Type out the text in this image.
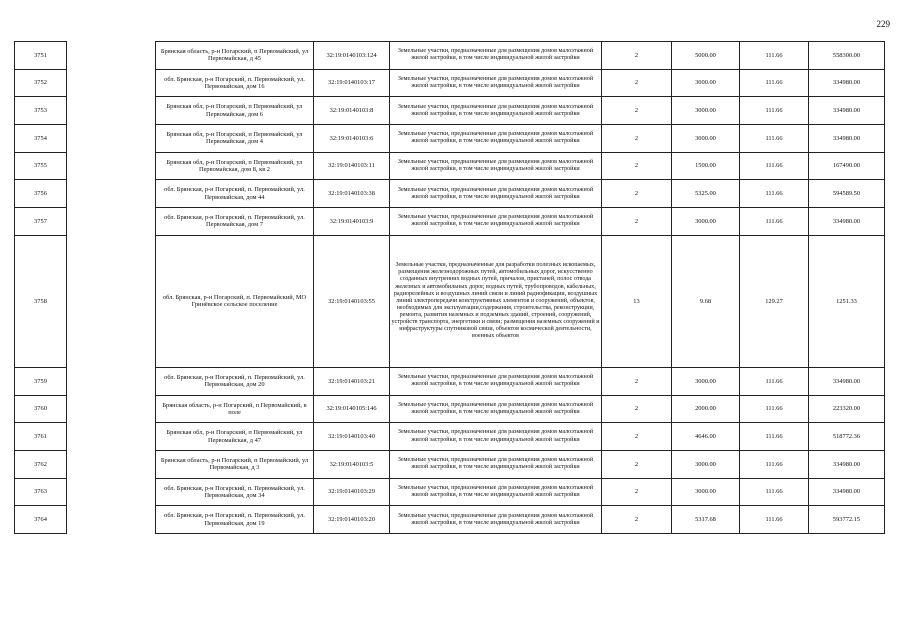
229
3751		Брянская область, р-н Погарский, п Первомайский, ул Первомайская, д 45	32:19:0140103:124	Земельные участки, предназначенные для размещения домов малоэтажной жилой застройки, в том числе индивидуальной жилой застройки	2	5000.00	111.66	558300.00
3752		обл. Брянская, р-н Погарский, п. Первомайский, ул. Первомайская, дом 16	32:19:0140103:17	Земельные участки, предназначенные для размещения домов малоэтажной жилой застройки, в том числе индивидуальной жилой застройки	2	3000.00	111.66	334980.00
3753		Брянская обл, р-н Погарский, п Первомайский, ул Первомайская, дом 6	32:19:0140103:8	Земельные участки, предназначенные для размещения домов малоэтажной жилой застройки, в том числе индивидуальной жилой застройки	2	3000.00	111.66	334980.00
3754		Брянская обл, р-н Погарский, п Первомайский, ул Первомайская, дом 4	32:19:0140103:6	Земельные участки, предназначенные для размещения домов малоэтажной жилой застройки, в том числе индивидуальной жилой застройки	2	3000.00	111.66	334980.00
3755		Брянская обл, р-н Погарский, п Первомайский, ул Первомайская, дом 8, кв 2	32:19:0140103:11	Земельные участки, предназначенные для размещения домов малоэтажной жилой застройки, в том числе индивидуальной жилой застройки	2	1500.00	111.66	167490.00
3756		обл. Брянская, р-н Погарский, п. Первомайский, ул. Первомайская, дом 44	32:19:0140103:38	Земельные участки, предназначенные для размещения домов малоэтажной жилой застройки, в том числе индивидуальной жилой застройки	2	5325.00	111.66	594589.50
3757		обл. Брянская, р-н Погарский, п. Первомайский, ул. Первомайская, дом 7	32:19:0140103:9	Земельные участки, предназначенные для размещения домов малоэтажной жилой застройки, в том числе индивидуальной жилой застройки	2	3000.00	111.66	334980.00
3758		обл. Брянская, р-н Погарский, п. Первомайский, МО Гринёвское сельское поселение	32:19:0140103:55	Земельные участки, предназначенные для разработки полезных ископаемых, размещения железнодорожных путей, автомобильных дорог, искусственно созданных внутренних водных путей, причалов, пристаней, полос отвода железных и автомобильных дорог, водных путей, трубопроводов, кабельных, радиорелейных и воздушных линий связи и линий радиофикации, воздушных линий электропередачи конструктивных элементов и сооружений, объектов, необходимых для эксплуатации,содержания, строительства, реконструкции, ремонта, развития наземных и подземных зданий, строений, сооружений, устройств транспорта, энергетики и связи; размещения наземных сооружений и инфраструктуры спутниковой связи, объектов космической деятельности, военных объектов	13	9.68	129.27	1251.33
3759		обл. Брянская, р-н Погарский, п. Первомайский, ул. Первомайская, дом 20	32:19:0140103:21	Земельные участки, предназначенные для размещения домов малоэтажной жилой застройки, в том числе индивидуальной жилой застройки	2	3000.00	111.66	334980.00
3760		Брянская область, р-н Погарский, п Первомайский, в поле	32:19:0140105:146	Земельные участки, предназначенные для размещения домов малоэтажной жилой застройки, в том числе индивидуальной жилой застройки	2	2000.00	111.66	223320.00
3761		Брянская обл, р-н Погарский, п Первомайский, ул Первомайская, д 47	32:19:0140103:40	Земельные участки, предназначенные для размещения домов малоэтажной жилой застройки, в том числе индивидуальной жилой застройки	2	4646.00	111.66	518772.36
3762		Брянская область, р-н Погарский, п Первомайский, ул Первомайская, д 3	32:19:0140103:5	Земельные участки, предназначенные для размещения домов малоэтажной жилой застройки, в том числе индивидуальной жилой застройки	2	3000.00	111.66	334980.00
3763		обл. Брянская, р-н Погарский, п. Первомайский, ул. Первомайская, дом 34	32:19:0140103:29	Земельные участки, предназначенные для размещения домов малоэтажной жилой застройки, в том числе индивидуальной жилой застройки	2	3000.00	111.66	334980.00
3764		обл. Брянская, р-н Погарский, п. Первомайский, ул. Первомайская, дом 19	32:19:0140103:20	Земельные участки, предназначенные для размещения домов малоэтажной жилой застройки, в том числе индивидуальной жилой застройки	2	5317.68	111.66	593772.15
